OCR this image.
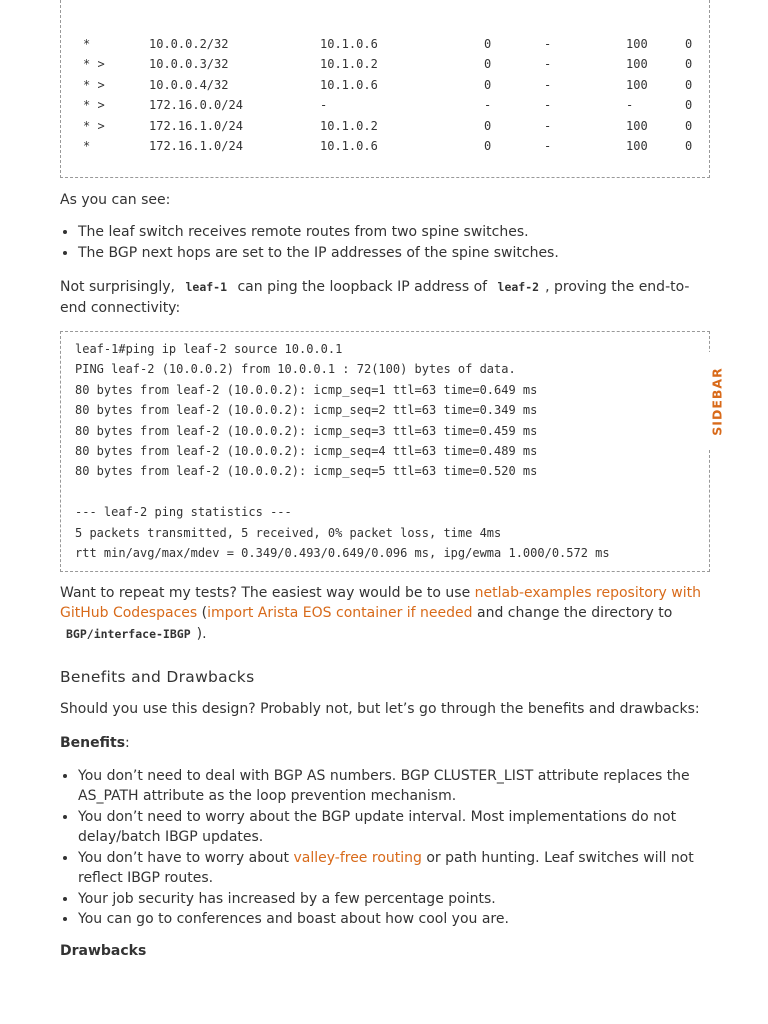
*	10.0.0.2/32	10.1.0.6	0	-	100	0
* >	10.0.0.3/32	10.1.0.2	0	-	100	0
* >	10.0.0.4/32	10.1.0.6	0	-	100	0
* >	172.16.0.0/24	-	-	-	-	0
* >	172.16.1.0/24	10.1.0.2	0	-	100	0
*	172.16.1.0/24	10.1.0.6	0	-	100	0

As you can see:

• The leaf switch receives remote routes from two spine switches.
• The BGP next hops are set to the IP addresses of the spine switches.

Not surprisingly, leaf-1 can ping the loopback IP address of leaf-2 , proving the end-to-end connectivity:

leaf-1#ping ip leaf-2 source 10.0.0.1
PING leaf-2 (10.0.0.2) from 10.0.0.1 : 72(100) bytes of data.
80 bytes from leaf-2 (10.0.0.2): icmp_seq=1 ttl=63 time=0.649 ms
80 bytes from leaf-2 (10.0.0.2): icmp_seq=2 ttl=63 time=0.349 ms
80 bytes from leaf-2 (10.0.0.2): icmp_seq=3 ttl=63 time=0.459 ms
80 bytes from leaf-2 (10.0.0.2): icmp_seq=4 ttl=63 time=0.489 ms
80 bytes from leaf-2 (10.0.0.2): icmp_seq=5 ttl=63 time=0.520 ms
--- leaf-2 ping statistics ---
5 packets transmitted, 5 received, 0% packet loss, time 4ms
rtt min/avg/max/mdev = 0.349/0.493/0.649/0.096 ms, ipg/ewma 1.000/0.572 ms

Want to repeat my tests? The easiest way would be to use netlab-examples repository with GitHub Codespaces (import Arista EOS container if needed and change the directory to BGP/interface-IBGP ).

Benefits and Drawbacks

Should you use this design? Probably not, but let’s go through the benefits and drawbacks:

Benefits:

• You don’t need to deal with BGP AS numbers. BGP CLUSTER_LIST attribute replaces the AS_PATH attribute as the loop prevention mechanism.
• You don’t need to worry about the BGP update interval. Most implementations do not delay/batch IBGP updates.
• You don’t have to worry about valley-free routing or path hunting. Leaf switches will not reflect IBGP routes.
• Your job security has increased by a few percentage points.
• You can go to conferences and boast about how cool you are.

Drawbacks

SIDEBAR
